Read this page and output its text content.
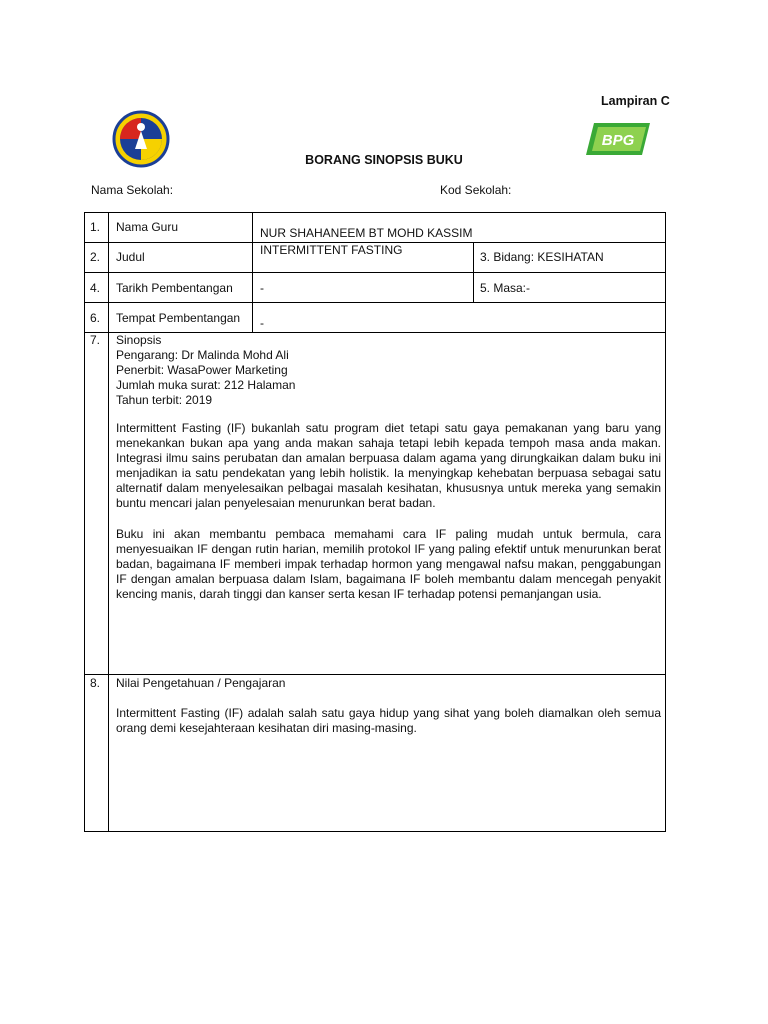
Lampiran C
BPG
BORANG SINOPSIS BUKU
Nama Sekolah:	Kod Sekolah:
1. Nama Guru	NUR SHAHANEEM BT MOHD KASSIM
2. Judul	INTERMITTENT FASTING	3. Bidang: KESIHATAN
4. Tarikh Pembentangan -	5. Masa:-
6. Tempat Pembentangan -
7. Sinopsis
Pengarang: Dr Malinda Mohd Ali
Penerbit: WasaPower Marketing
Jumlah muka surat: 212 Halaman
Tahun terbit: 2019
Intermittent Fasting (IF) bukanlah satu program diet tetapi satu gaya pemakanan yang baru yang menekankan bukan apa yang anda makan sahaja tetapi lebih kepada tempoh masa anda makan. Integrasi ilmu sains perubatan dan amalan berpuasa dalam agama yang dirungkaikan dalam buku ini menjadikan ia satu pendekatan yang lebih holistik. Ia menyingkap kehebatan berpuasa sebagai satu alternatif dalam menyelesaikan pelbagai masalah kesihatan, khususnya untuk mereka yang semakin buntu mencari jalan penyelesaian menurunkan berat badan.
Buku ini akan membantu pembaca memahami cara IF paling mudah untuk bermula, cara menyesuaikan IF dengan rutin harian, memilih protokol IF yang paling efektif untuk menurunkan berat badan, bagaimana IF memberi impak terhadap hormon yang mengawal nafsu makan, penggabungan IF dengan amalan berpuasa dalam Islam, bagaimana IF boleh membantu dalam mencegah penyakit kencing manis, darah tinggi dan kanser serta kesan IF terhadap potensi pemanjangan usia.
8. Nilai Pengetahuan / Pengajaran
Intermittent Fasting (IF) adalah salah satu gaya hidup yang sihat yang boleh diamalkan oleh semua orang demi kesejahteraan kesihatan diri masing-masing.
